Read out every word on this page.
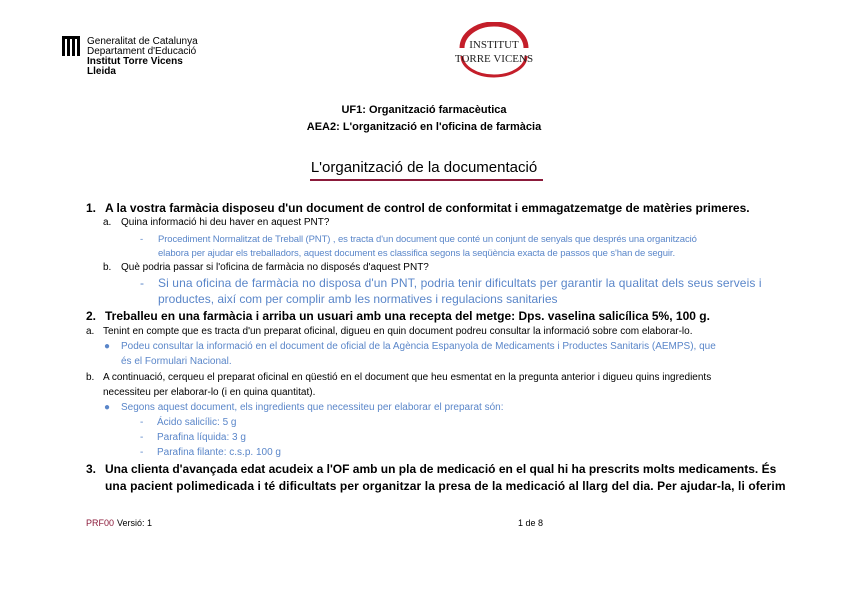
Generalitat de Catalunya
Departament d'Educació
Institut Torre Vicens
Lleida
INSTITUT
TORRE VICENS
UF1: Organització farmacèutica
AEA2: L'organització en l'oficina de farmàcia
L'organització de la documentació
1. A la vostra farmàcia disposeu d'un document de control de conformitat i emmagatzematge de matèries primeres.
a. Quina informació hi deu haver en aquest PNT?
- Procediment Normalitzat de Treball (PNT) , es tracta d'un document que conté un conjunt de senyals que després una organització
elabora per ajudar els treballadors, aquest document es classifica segons la seqüència exacta de passos que s'han de seguir.
b. Què podria passar si l'oficina de farmàcia no disposés d'aquest PNT?
- Si una oficina de farmàcia no disposa d'un PNT, podria tenir dificultats per garantir la qualitat dels seus serveis i
productes, així com per complir amb les normatives i regulacions sanitaries
2. Treballeu en una farmàcia i arriba un usuari amb una recepta del metge: Dps. vaselina salicílica 5%, 100 g.
a. Tenint en compte que es tracta d'un preparat oficinal, digueu en quin document podreu consultar la informació sobre com elaborar-lo.
● Podeu consultar la informació en el document de oficial de la Agència Espanyola de Medicaments i Productes Sanitaris (AEMPS), que
és el Formulari Nacional.
b. A continuació, cerqueu el preparat oficinal en qüestió en el document que heu esmentat en la pregunta anterior i digueu quins ingredients
necessiteu per elaborar-lo (i en quina quantitat).
● Segons aquest document, els ingredients que necessiteu per elaborar el preparat són:
- Ácido salicílic: 5 g
- Parafina líquida: 3 g
- Parafina filante: c.s.p. 100 g
3. Una clienta d'avançada edat acudeix a l'OF amb un pla de medicació en el qual hi ha prescrits molts medicaments. És
una pacient polimedicada i té dificultats per organitzar la presa de la medicació al llarg del dia. Per ajudar-la, li oferim
PRF00 Versió: 1	1 de 8
